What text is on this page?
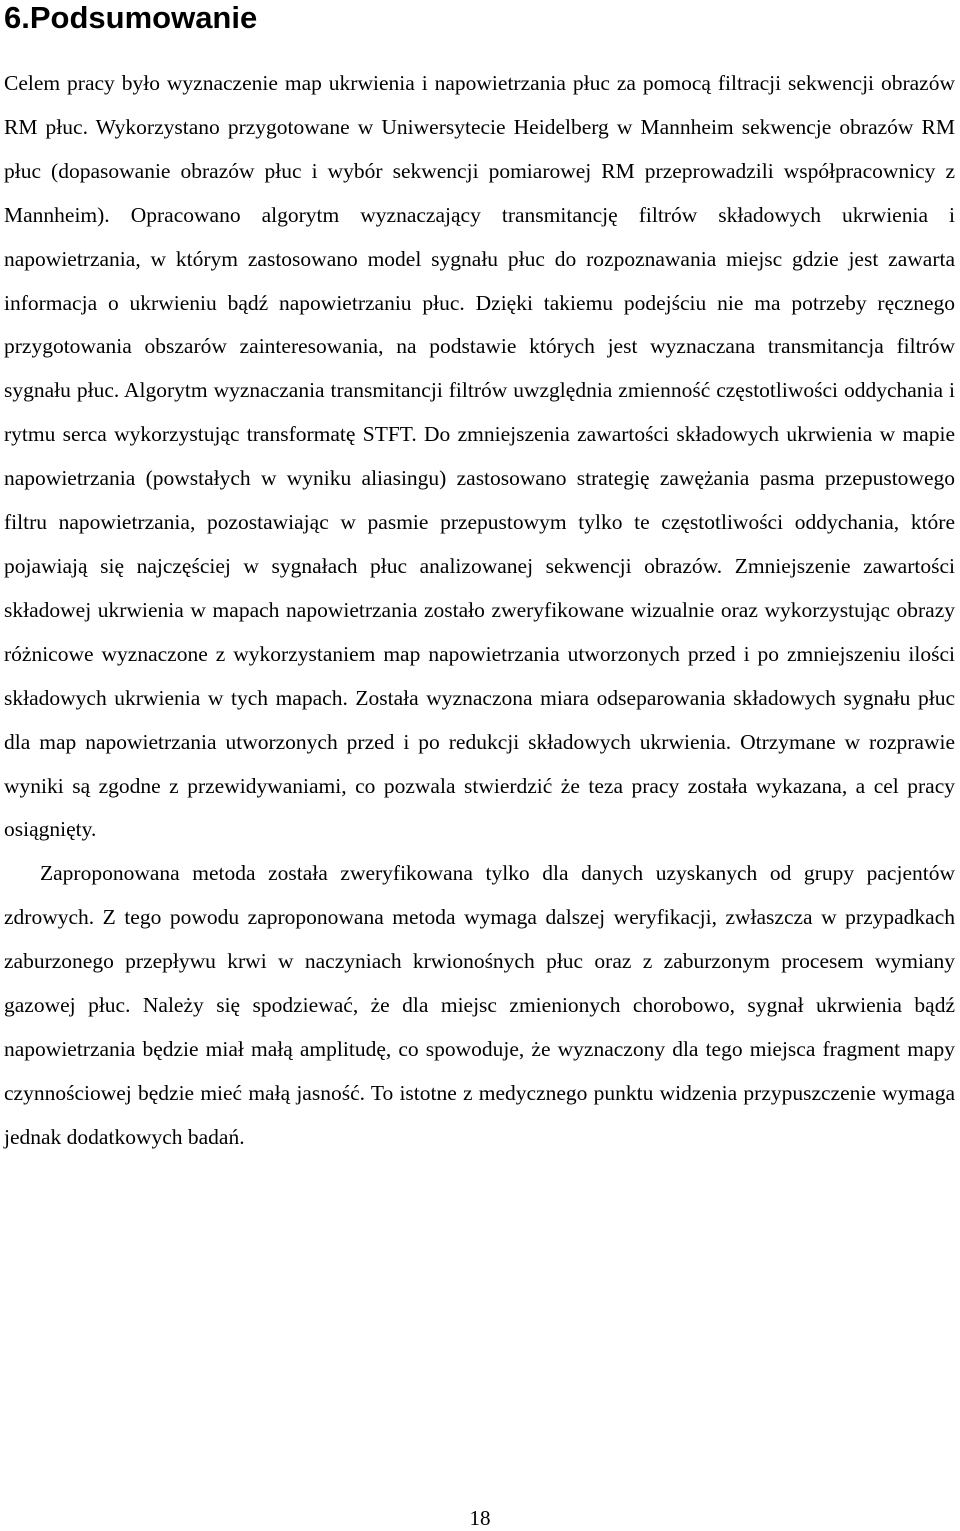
6.Podsumowanie

Celem pracy było wyznaczenie map ukrwienia i napowietrzania płuc za pomocą filtracji sekwencji obrazów RM płuc. Wykorzystano przygotowane w Uniwersytecie Heidelberg w Mannheim sekwencje obrazów RM płuc (dopasowanie obrazów płuc i wybór sekwencji pomiarowej RM przeprowadzili współpracownicy z Mannheim). Opracowano algorytm wyznaczający transmitancję filtrów składowych ukrwienia i napowietrzania, w którym zastosowano model sygnału płuc do rozpoznawania miejsc gdzie jest zawarta informacja o ukrwieniu bądź napowietrzaniu płuc. Dzięki takiemu podejściu nie ma potrzeby ręcznego przygotowania obszarów zainteresowania, na podstawie których jest wyznaczana transmitancja filtrów sygnału płuc. Algorytm wyznaczania transmitancji filtrów uwzględnia zmienność częstotliwości oddychania i rytmu serca wykorzystując transformatę STFT. Do zmniejszenia zawartości składowych ukrwienia w mapie napowietrzania (powstałych w wyniku aliasingu) zastosowano strategię zawężania pasma przepustowego filtru napowietrzania, pozostawiając w pasmie przepustowym tylko te częstotliwości oddychania, które pojawiają się najczęściej w sygnałach płuc analizowanej sekwencji obrazów. Zmniejszenie zawartości składowej ukrwienia w mapach napowietrzania zostało zweryfikowane wizualnie oraz wykorzystując obrazy różnicowe wyznaczone z wykorzystaniem map napowietrzania utworzonych przed i po zmniejszeniu ilości składowych ukrwienia w tych mapach. Została wyznaczona miara odseparowania składowych sygnału płuc dla map napowietrzania utworzonych przed i po redukcji składowych ukrwienia. Otrzymane w rozprawie wyniki są zgodne z przewidywaniami, co pozwala stwierdzić że teza pracy została wykazana, a cel pracy osiągnięty.

Zaproponowana metoda została zweryfikowana tylko dla danych uzyskanych od grupy pacjentów zdrowych. Z tego powodu zaproponowana metoda wymaga dalszej weryfikacji, zwłaszcza w przypadkach zaburzonego przepływu krwi w naczyniach krwionośnych płuc oraz z zaburzonym procesem wymiany gazowej płuc. Należy się spodziewać, że dla miejsc zmienionych chorobowo, sygnał ukrwienia bądź napowietrzania będzie miał małą amplitudę, co spowoduje, że wyznaczony dla tego miejsca fragment mapy czynnościowej będzie mieć małą jasność. To istotne z medycznego punktu widzenia przypuszczenie wymaga jednak dodatkowych badań.

18
